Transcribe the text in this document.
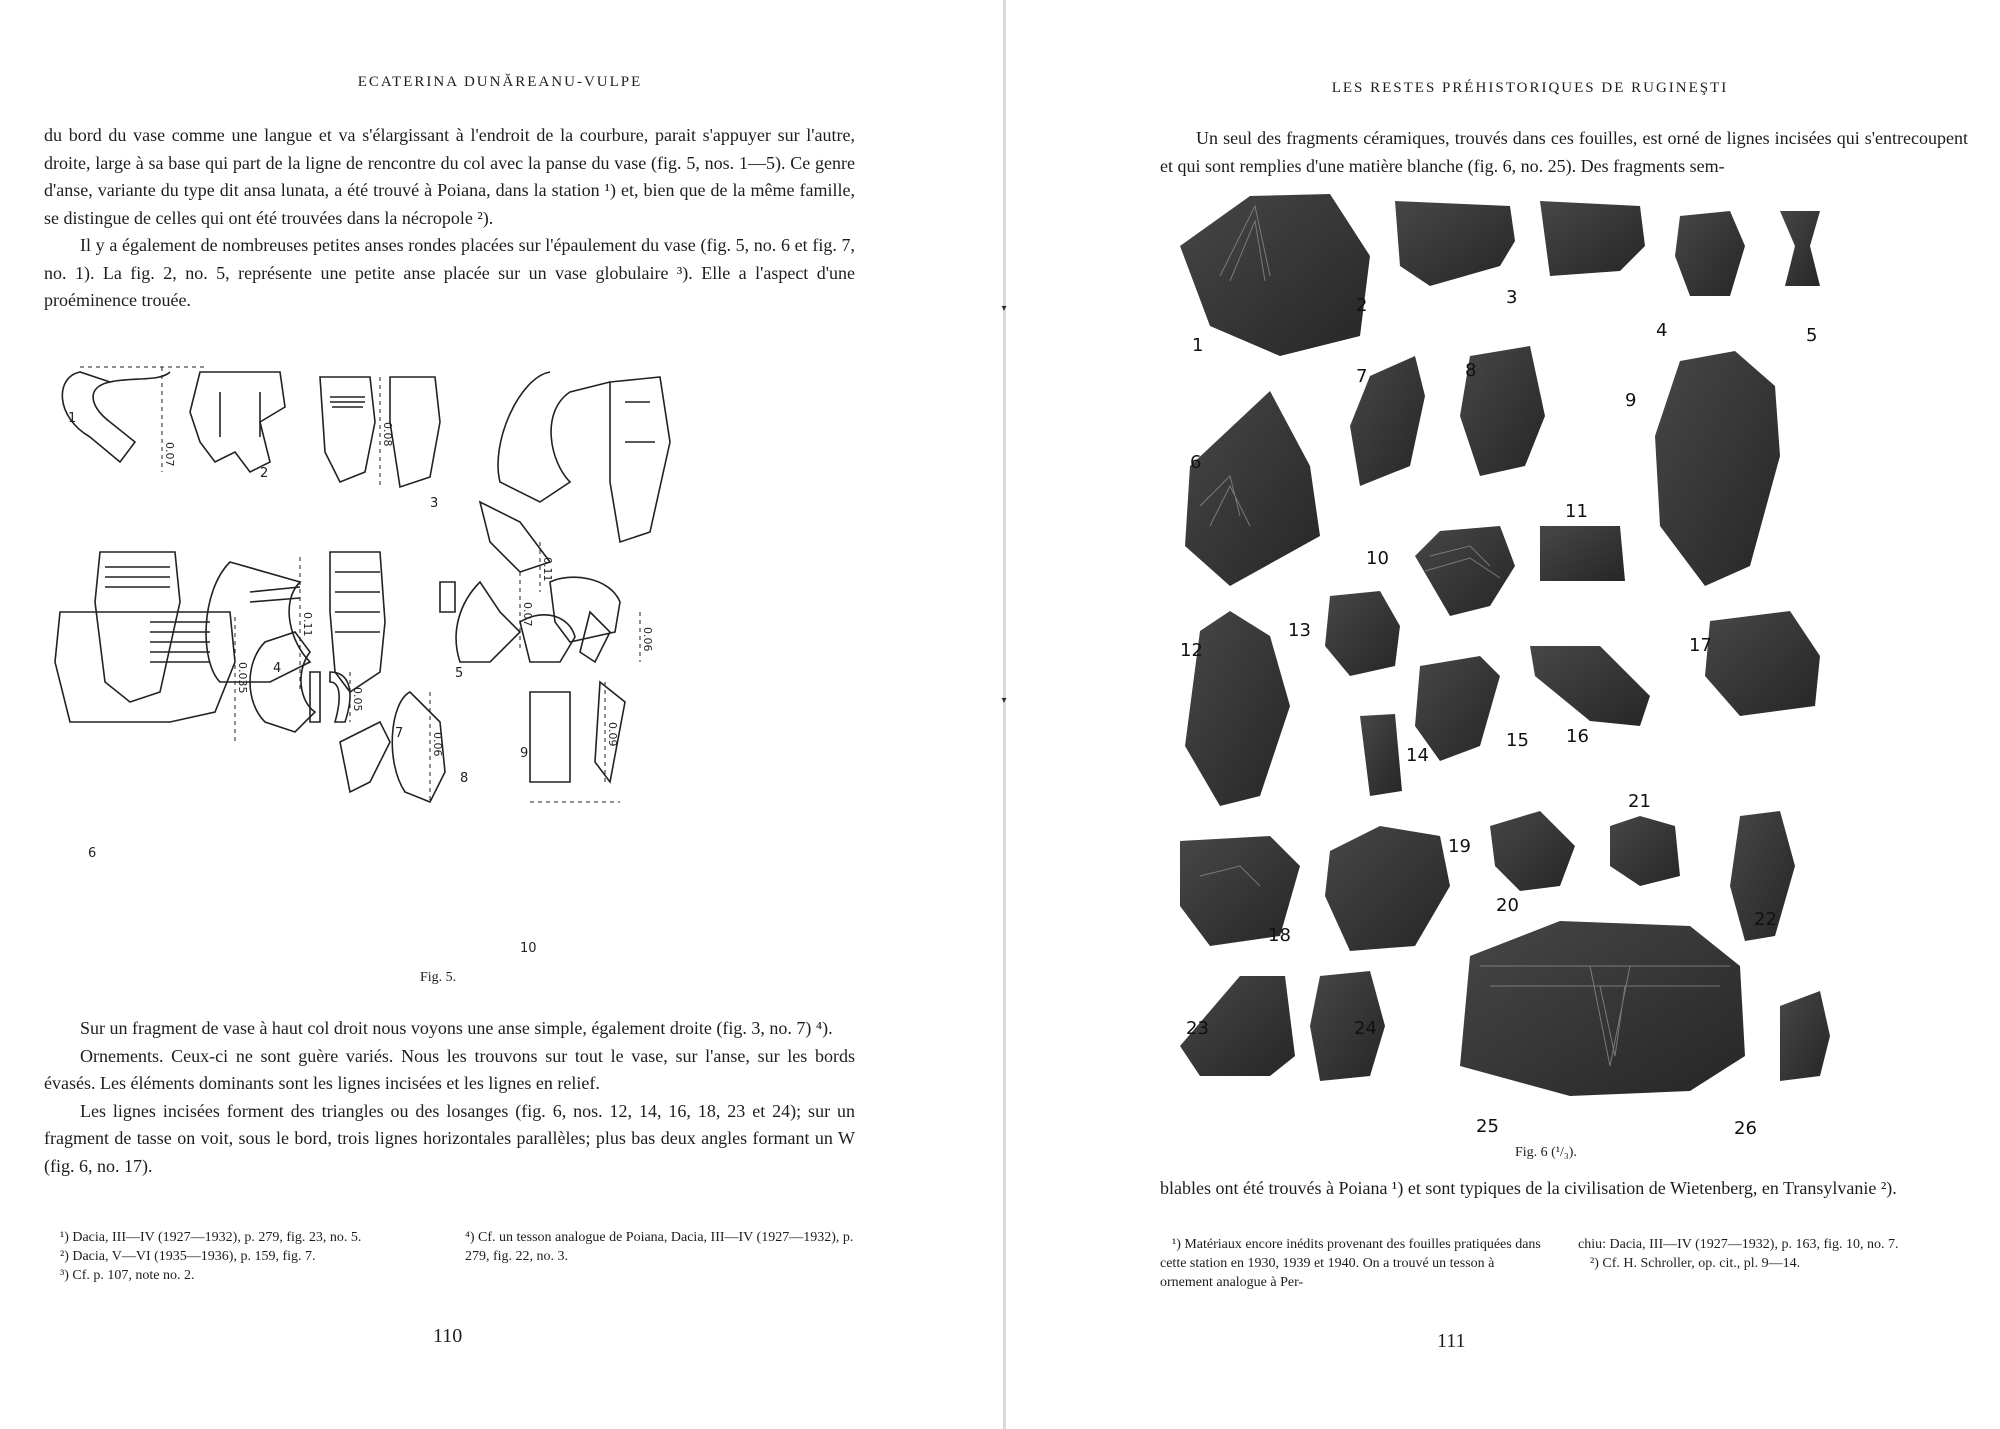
ECATERINA DUNĂREANU-VULPE

du bord du vase comme une langue et va s'élargissant à l'endroit de la courbure, parait s'appuyer sur l'autre, droite, large à sa base qui part de la ligne de rencontre du col avec la panse du vase (fig. 5, nos. 1—5). Ce genre d'anse, variante du type dit ansa lunata, a été trouvé à Poiana, dans la station ¹) et, bien que de la même famille, se distingue de celles qui ont été trouvées dans la nécropole ²).

Il y a également de nombreuses petites anses rondes placées sur l'épaulement du vase (fig. 5, no. 6 et fig. 7, no. 1). La fig. 2, no. 5, représente une petite anse placée sur un vase globulaire ³). Elle a l'aspect d'une proéminence trouée.

1
2
3
4	5
6
7
8
9
10
0.07
0.08
0.11
0.11	0.07
0.035
0.05
0.06	0.09
0.06
Fig. 5.

Sur un fragment de vase à haut col droit nous voyons une anse simple, également droite (fig. 3, no. 7) ⁴).

Ornements. Ceux-ci ne sont guère variés. Nous les trouvons sur tout le vase, sur l'anse, sur les bords évasés. Les éléments dominants sont les lignes incisées et les lignes en relief.

Les lignes incisées forment des triangles ou des losanges (fig. 6, nos. 12, 14, 16, 18, 23 et 24); sur un fragment de tasse on voit, sous le bord, trois lignes horizontales parallèles; plus bas deux angles formant un W (fig. 6, no. 17).

¹) Dacia, III—IV (1927—1932), p. 279, fig. 23, no. 5.

²) Dacia, V—VI (1935—1936), p. 159, fig. 7.

³) Cf. p. 107, note no. 2.

⁴) Cf. un tesson analogue de Poiana, Dacia, III—IV (1927—1932), p. 279, fig. 22, no. 3.

110
▾
▾
LES RESTES PRÉHISTORIQUES DE RUGINEŞTI

Un seul des fragments céramiques, trouvés dans ces fouilles, est orné de lignes incisées qui s'entrecoupent et qui sont remplies d'une matière blanche (fig. 6, no. 25). Des fragments sem-

1
2	3
4	5
6
7	8
9
10
11
12
13
14
15 16
17
18
19
20
21
22
23	24
25	26
Fig. 6 (¹/₃).

blables ont été trouvés à Poiana ¹) et sont typiques de la civilisation de Wietenberg, en Transylvanie ²).

¹) Matériaux encore inédits provenant des fouilles pratiquées dans cette station en 1930, 1939 et 1940. On a trouvé un tesson à ornement analogue à Per-

chiu: Dacia, III—IV (1927—1932), p. 163, fig. 10, no. 7.

²) Cf. H. Schroller, op. cit., pl. 9—14.

111
